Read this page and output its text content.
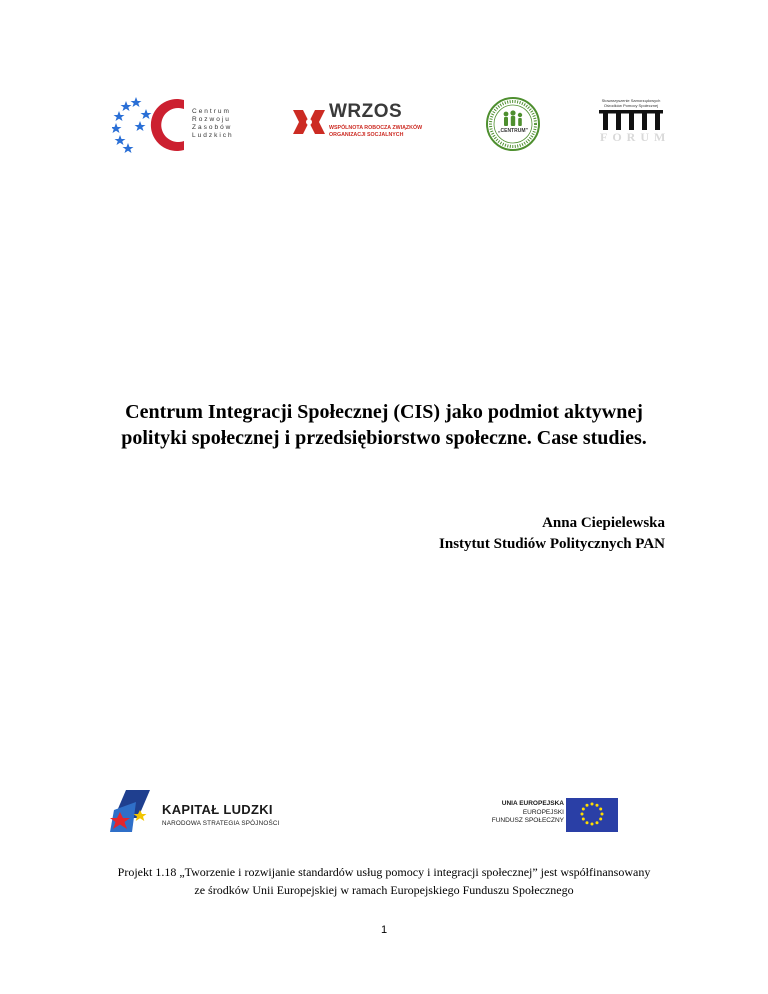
Centrum
Rozwoju
Zasobów
Ludzkich
WRZOS
WSPÓLNOTA ROBOCZA ZWIĄZKÓW
ORGANIZACJI SOCJALNYCH
„CENTRUM”
Stowarzyszenie Samorządowych
Ośrodków Pomocy Społecznej
FORUM
Centrum Integracji Społecznej (CIS) jako podmiot aktywnej
polityki społecznej i przedsiębiorstwo społeczne. Case studies.
Anna Ciepielewska
Instytut Studiów Politycznych PAN
KAPITAŁ LUDZKI
NARODOWA STRATEGIA SPÓJNOŚCI
UNIA EUROPEJSKA
EUROPEJSKI
FUNDUSZ SPOŁECZNY
Projekt 1.18 „Tworzenie i rozwijanie standardów usług pomocy i integracji społecznej” jest współfinansowany
ze środków Unii Europejskiej w ramach Europejskiego Funduszu Społecznego
1
